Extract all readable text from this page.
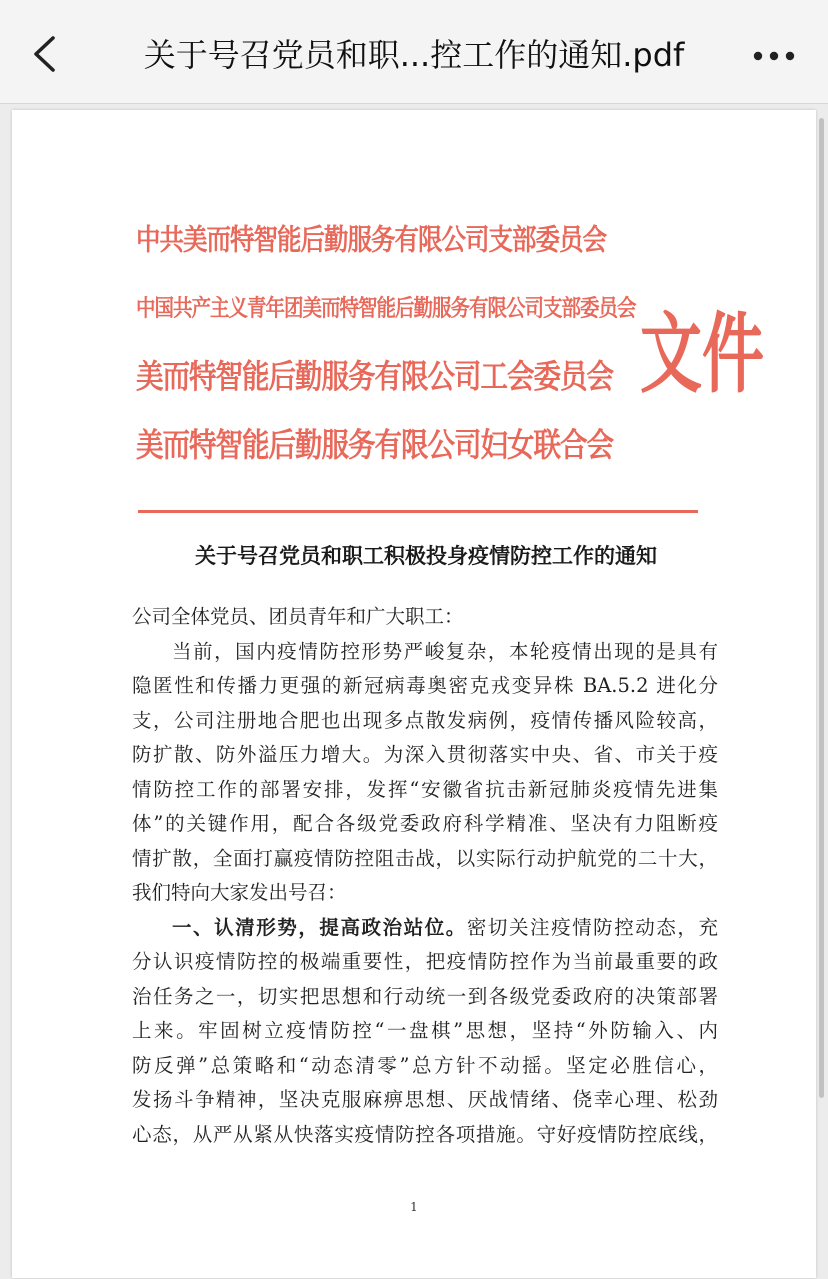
关于号召党员和职...控工作的通知.pdf
中共美而特智能后勤服务有限公司支部委员会
中国共产主义青年团美而特智能后勤服务有限公司支部委员会
美而特智能后勤服务有限公司工会委员会
美而特智能后勤服务有限公司妇女联合会
文件
关于号召党员和职工积极投身疫情防控工作的通知
公司全体党员、团员青年和广大职工：
当前，国内疫情防控形势严峻复杂，本轮疫情出现的是具有
隐匿性和传播力更强的新冠病毒奥密克戎变异株 BA.5.2 进化分
支，公司注册地合肥也出现多点散发病例，疫情传播风险较高，
防扩散、防外溢压力增大。为深入贯彻落实中央、省、市关于疫
情防控工作的部署安排，发挥“安徽省抗击新冠肺炎疫情先进集
体”的关键作用，配合各级党委政府科学精准、坚决有力阻断疫
情扩散，全面打赢疫情防控阻击战，以实际行动护航党的二十大，
我们特向大家发出号召：
一、认清形势，提高政治站位。密切关注疫情防控动态，充
分认识疫情防控的极端重要性，把疫情防控作为当前最重要的政
治任务之一，切实把思想和行动统一到各级党委政府的决策部署
上来。牢固树立疫情防控“一盘棋”思想，坚持“外防输入、内
防反弹”总策略和“动态清零”总方针不动摇。坚定必胜信心，
发扬斗争精神，坚决克服麻痹思想、厌战情绪、侥幸心理、松劲
心态，从严从紧从快落实疫情防控各项措施。守好疫情防控底线，
1
